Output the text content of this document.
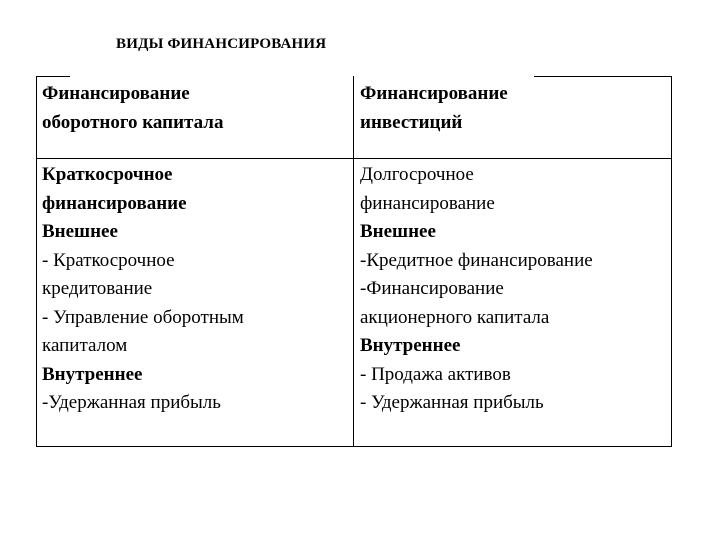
ВИДЫ ФИНАНСИРОВАНИЯ
Финансирование
оборотного капитала
Финансирование
инвестиций
Краткосрочное
финансирование
Внешнее
- Краткосрочное
кредитование
- Управление оборотным
капиталом
Внутреннее
-Удержанная прибыль
Долгосрочное
финансирование
Внешнее
-Кредитное финансирование
-Финансирование
акционерного капитала
Внутреннее
- Продажа активов
- Удержанная прибыль
